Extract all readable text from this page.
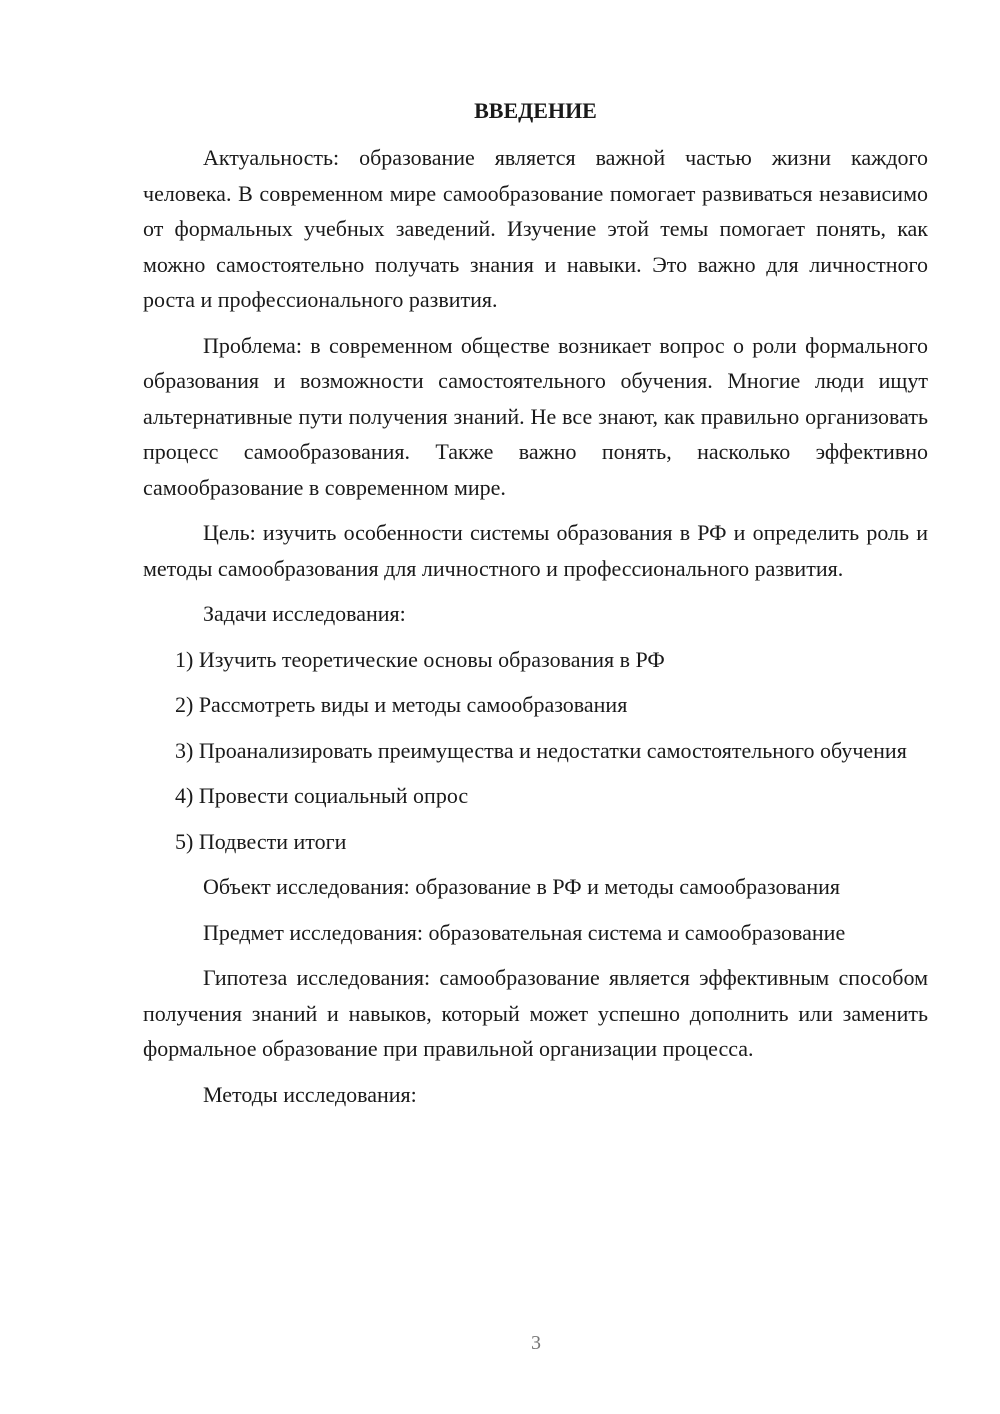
ВВЕДЕНИЕ
Актуальность: образование является важной частью жизни каждого человека. В современном мире самообразование помогает развиваться независимо от формальных учебных заведений. Изучение этой темы помогает понять, как можно самостоятельно получать знания и навыки. Это важно для личностного роста и профессионального развития.
Проблема: в современном обществе возникает вопрос о роли формального образования и возможности самостоятельного обучения. Многие люди ищут альтернативные пути получения знаний. Не все знают, как правильно организовать процесс самообразования. Также важно понять, насколько эффективно самообразование в современном мире.
Цель: изучить особенности системы образования в РФ и определить роль и методы самообразования для личностного и профессионального развития.
Задачи исследования:
1) Изучить теоретические основы образования в РФ
2) Рассмотреть виды и методы самообразования
3) Проанализировать преимущества и недостатки самостоятельного обучения
4) Провести социальный опрос
5) Подвести итоги
Объект исследования: образование в РФ и методы самообразования
Предмет исследования: образовательная система и самообразование
Гипотеза исследования: самообразование является эффективным способом получения знаний и навыков, который может успешно дополнить или заменить формальное образование при правильной организации процесса.
Методы исследования:
3
